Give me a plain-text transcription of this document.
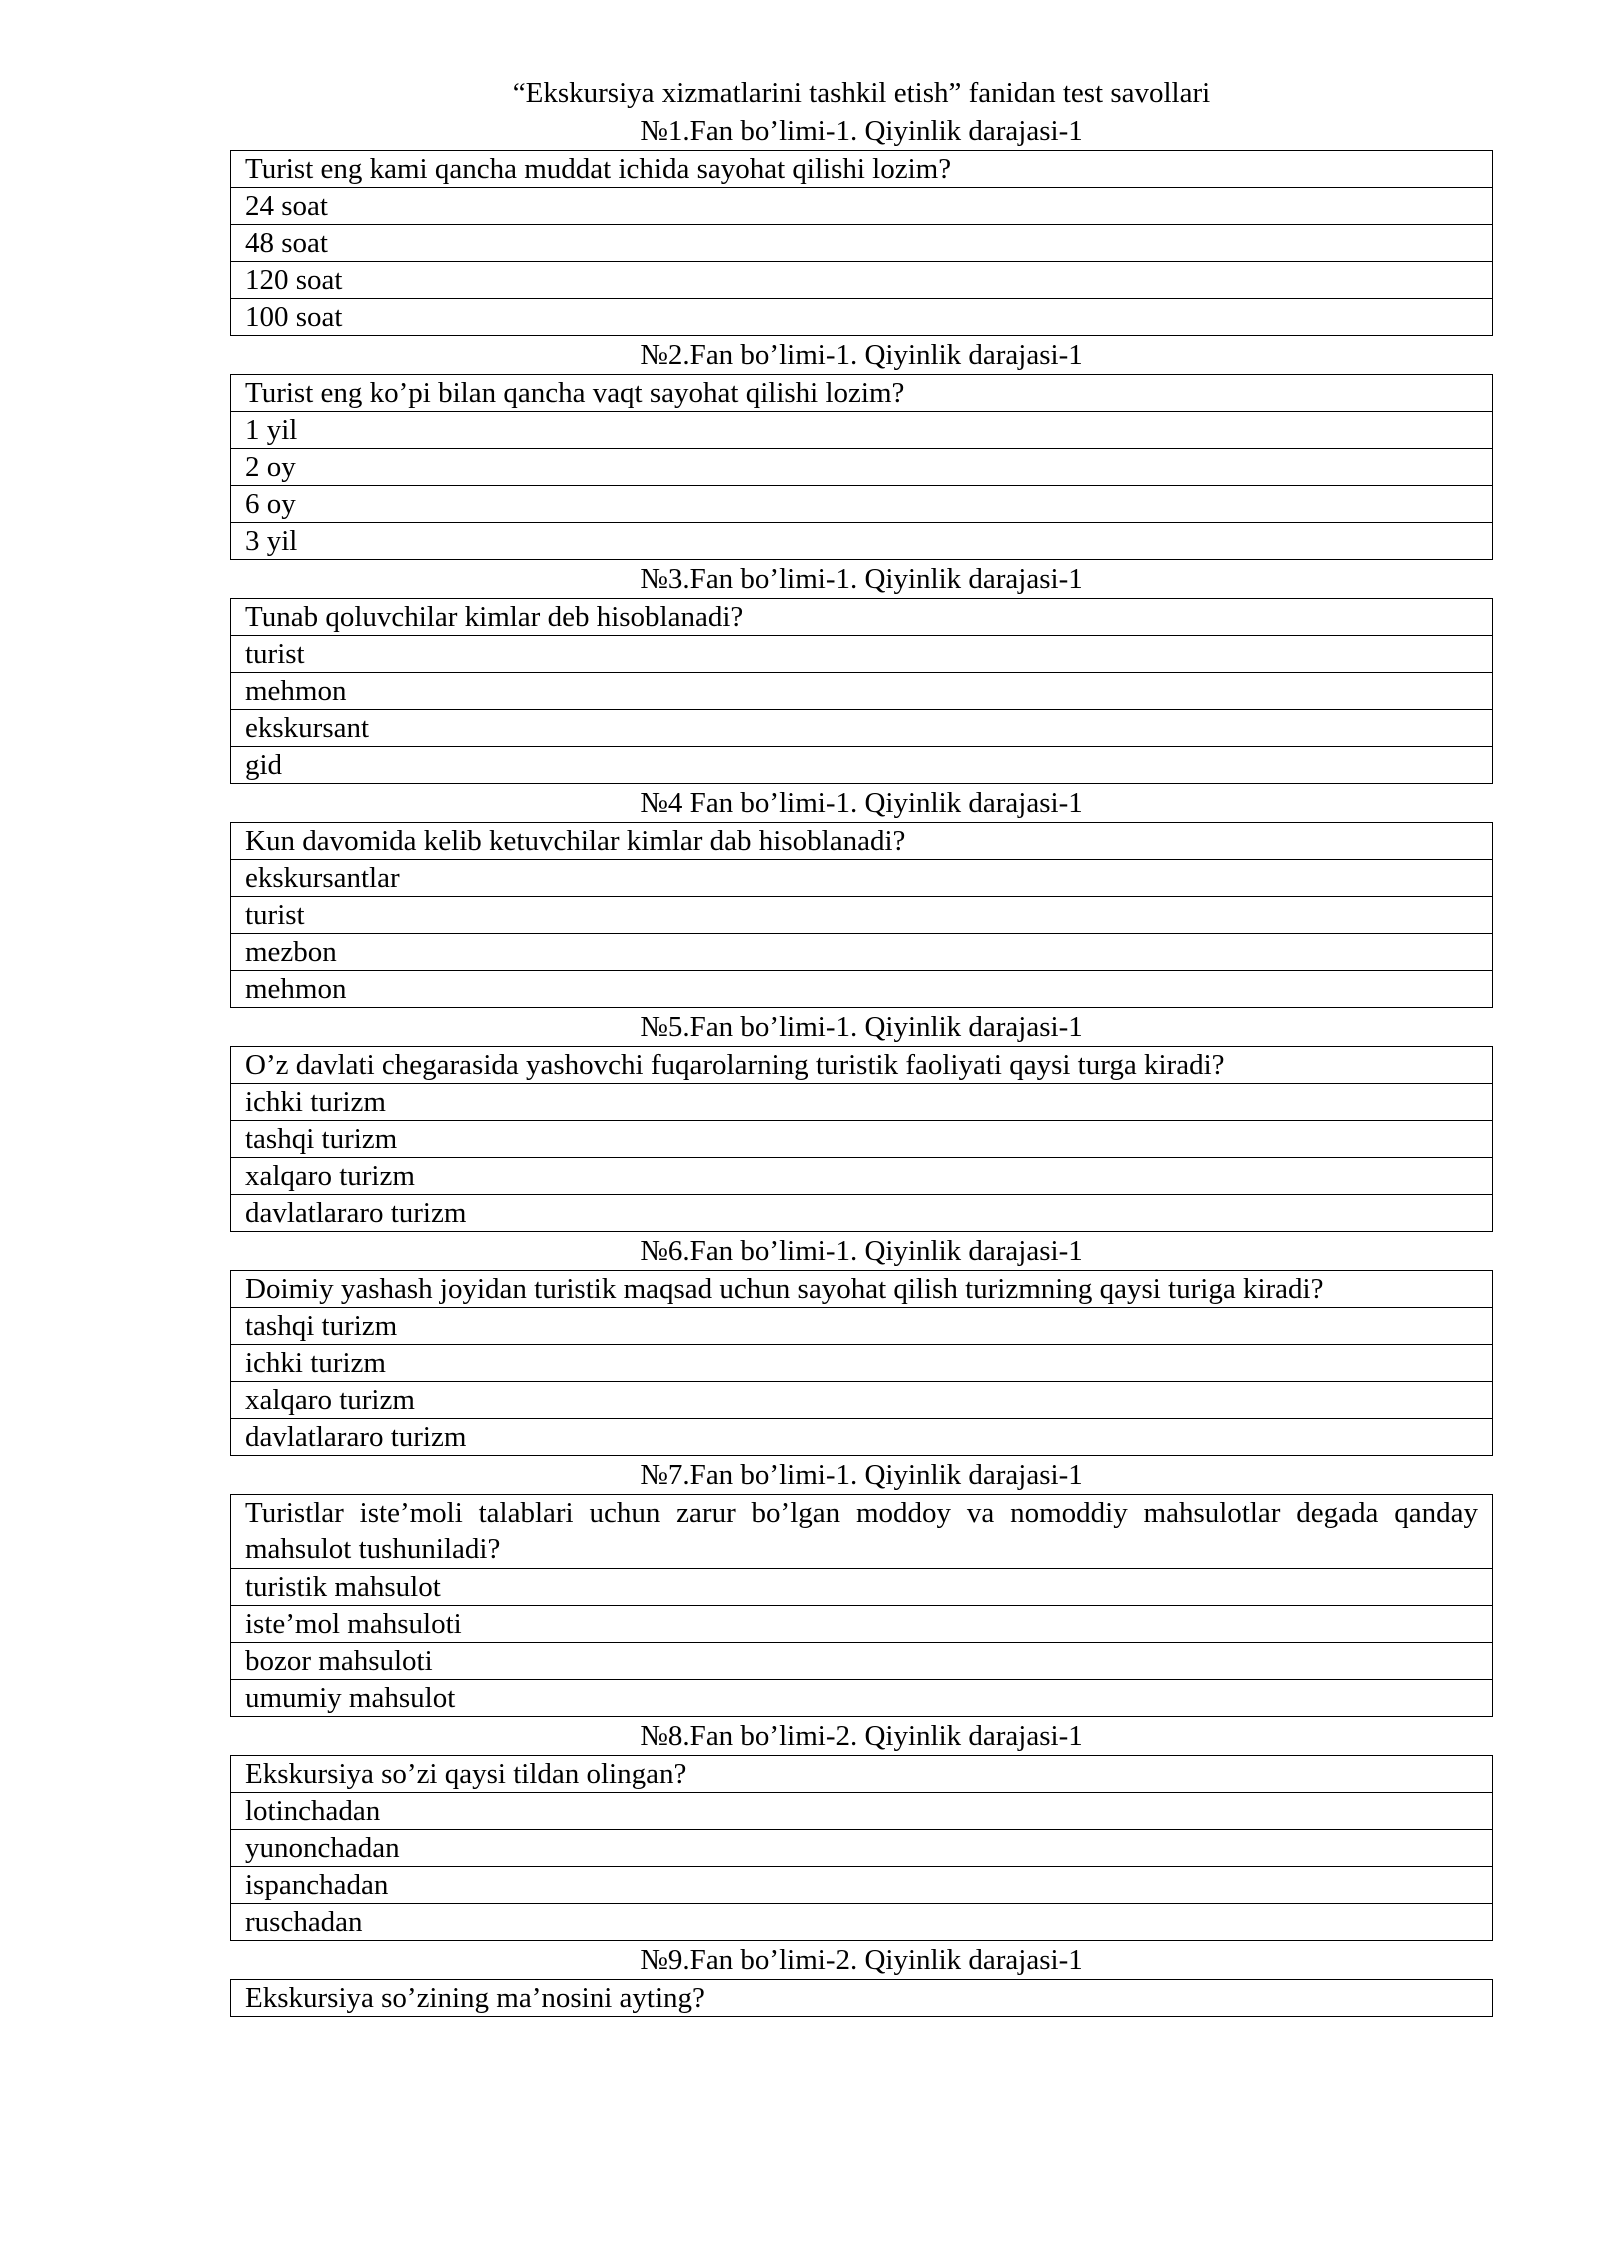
“Ekskursiya xizmatlarini tashkil etish” fanidan test savollari
№1.Fan bo’limi-1. Qiyinlik darajasi-1
Turist eng kami qancha muddat ichida sayohat qilishi lozim?
24 soat
48 soat
120 soat
100 soat
№2.Fan bo’limi-1. Qiyinlik darajasi-1
Turist eng ko’pi bilan qancha vaqt sayohat qilishi lozim?
1 yil
2 oy
6 oy
3 yil
№3.Fan bo’limi-1. Qiyinlik darajasi-1
Tunab qoluvchilar kimlar deb hisoblanadi?
turist
mehmon
ekskursant
gid
№4 Fan bo’limi-1. Qiyinlik darajasi-1
Kun davomida kelib ketuvchilar kimlar dab hisoblanadi?
ekskursantlar
turist
mezbon
mehmon
№5.Fan bo’limi-1. Qiyinlik darajasi-1
O’z davlati chegarasida yashovchi fuqarolarning turistik faoliyati qaysi turga kiradi?
ichki turizm
tashqi turizm
xalqaro turizm
davlatlararo turizm
№6.Fan bo’limi-1. Qiyinlik darajasi-1
Doimiy yashash joyidan turistik maqsad uchun sayohat qilish turizmning qaysi turiga kiradi?
tashqi turizm
ichki turizm
xalqaro turizm
davlatlararo turizm
№7.Fan bo’limi-1. Qiyinlik darajasi-1
Turistlar iste’moli talablari uchun zarur bo’lgan moddoy va nomoddiy mahsulotlar degada qanday mahsulot tushuniladi?
turistik mahsulot
iste’mol mahsuloti
bozor mahsuloti
umumiy mahsulot
№8.Fan bo’limi-2. Qiyinlik darajasi-1
Ekskursiya so’zi qaysi tildan olingan?
lotinchadan
yunonchadan
ispanchadan
ruschadan
№9.Fan bo’limi-2. Qiyinlik darajasi-1
Ekskursiya so’zining ma’nosini ayting?
